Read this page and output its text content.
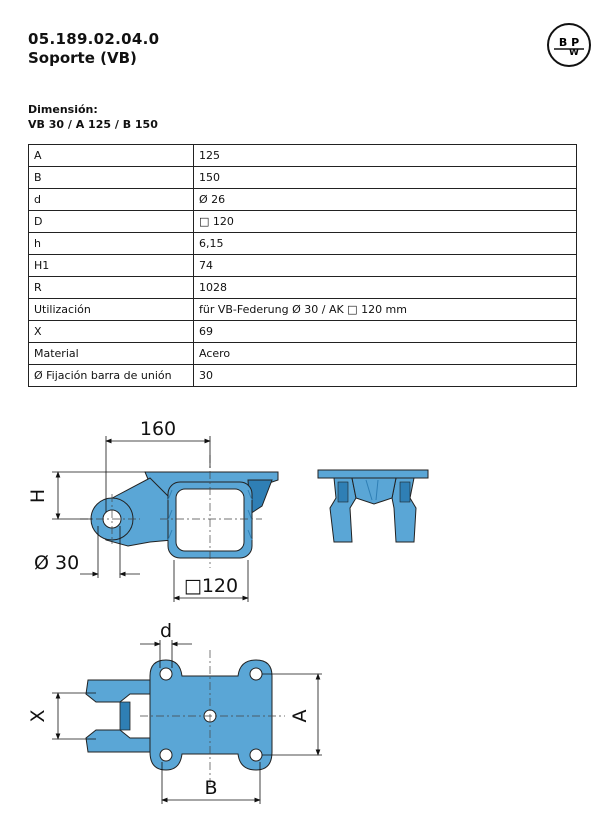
05.189.02.04.0
Soporte (VB)
B P
W
Dimensión:
VB 30 / A 125 / B 150
A	125
B	150
d	Ø 26
D	□ 120
h	6,15
H1	74
R	1028
Utilización	für VB-Federung Ø 30 / AK □ 120 mm
X	69
Material	Acero
Ø Fijación barra de unión	30
160
H
Ø 30
□120
d
X	A
B
